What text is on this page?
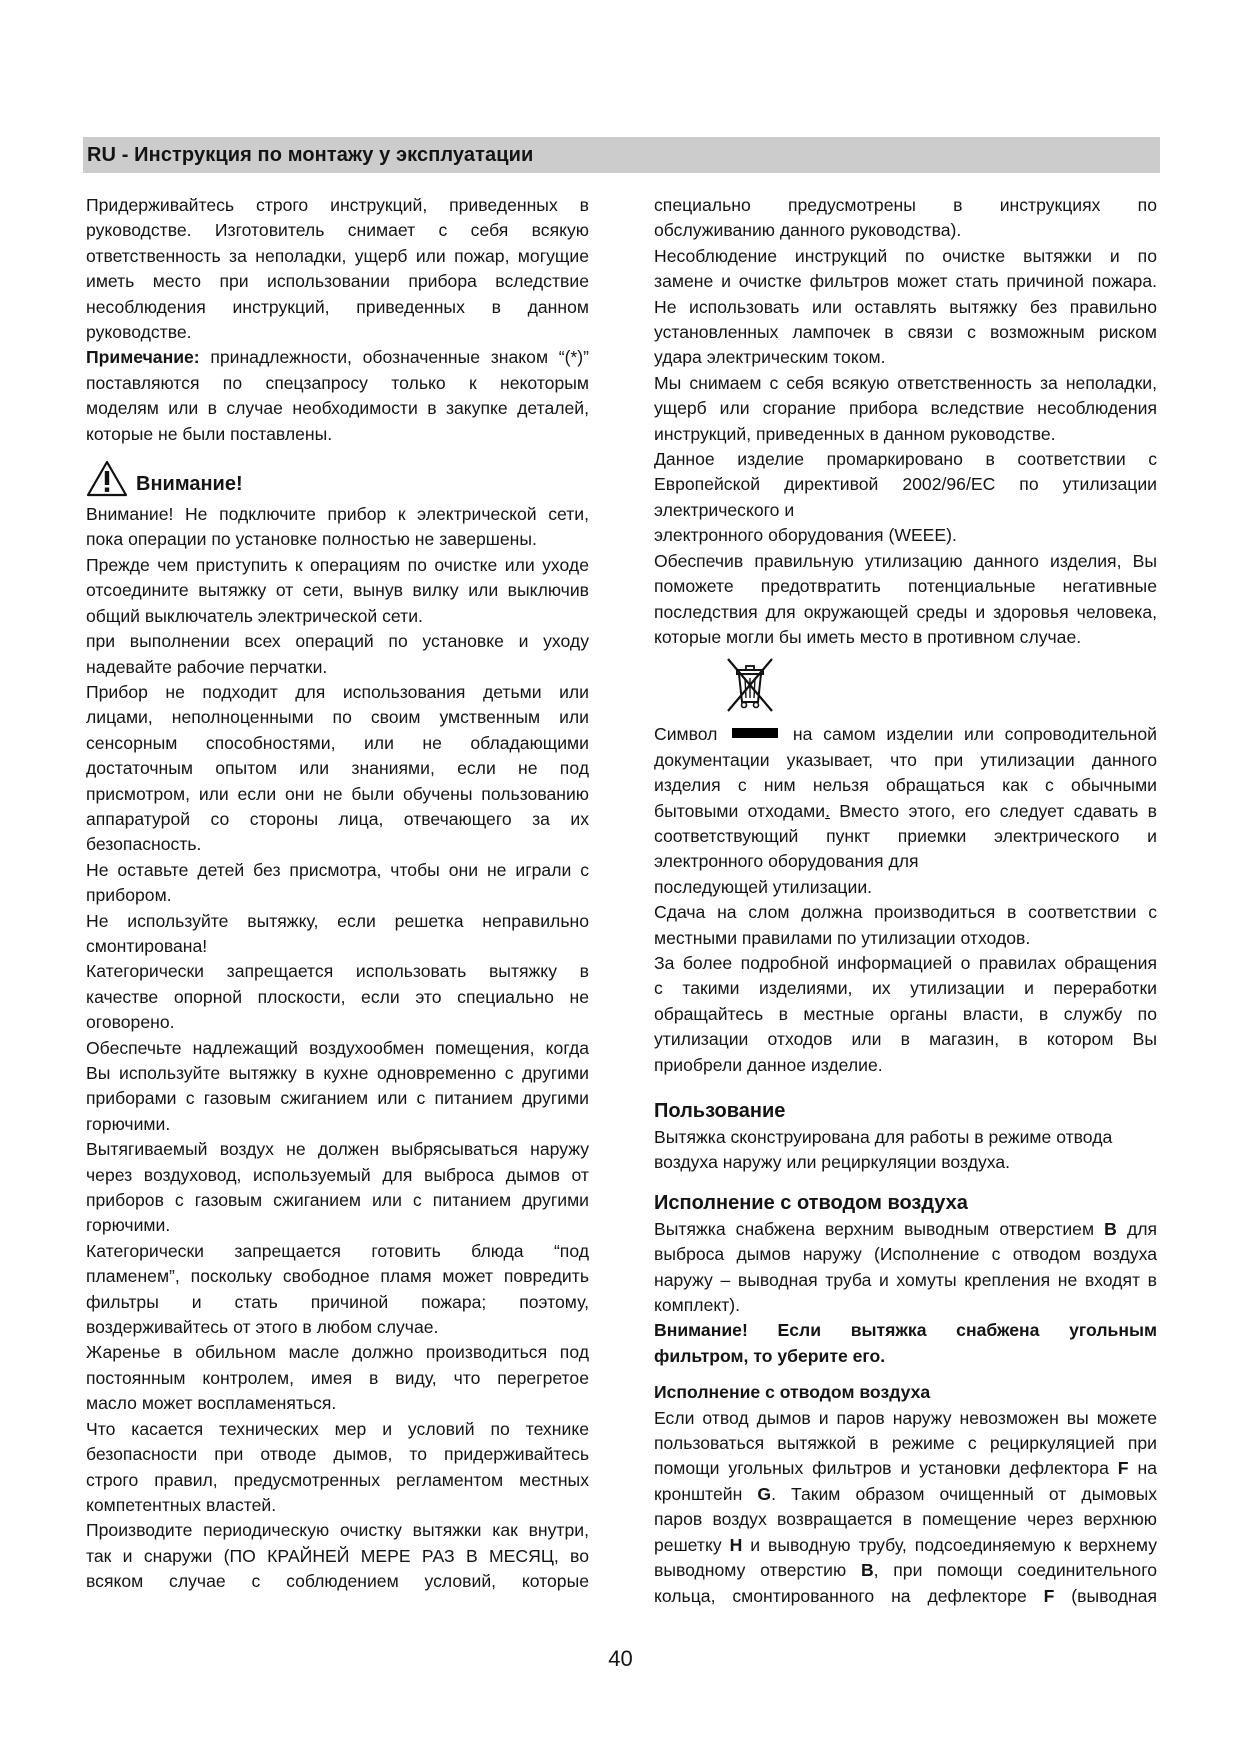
RU - Инструкция по монтажу у эксплуатации
Придерживайтесь строго инструкций, приведенных в
руководстве. Изготовитель снимает с себя всякую
ответственность за неполадки, ущерб или пожар, могущие
иметь место при использовании прибора вследствие
несоблюдения инструкций, приведенных в данном
руководстве.
Примечание: принадлежности, обозначенные знаком “(*)”
поставляются по спецзапросу только к некоторым
моделям или в случае необходимости в закупке деталей,
которые не были поставлены.
Внимание!
Внимание! Не подключите прибор к электрической сети,
пока операции по установке полностью не завершены.
Прежде чем приступить к операциям по очистке или уходе
отсоедините вытяжку от сети, вынув вилку или выключив
общий выключатель электрической сети.
при выполнении всех операций по установке и уходу
надевайте рабочие перчатки.
Прибор не подходит для использования детьми или
лицами, неполноценными по своим умственным или
сенсорным способностями, или не обладающими
достаточным опытом или знаниями, если не под
присмотром, или если они не были обучены пользованию
аппаратурой со стороны лица, отвечающего за их
безопасность.
Не оставьте детей без присмотра, чтобы они не играли с
прибором.
Не используйте вытяжку, если решетка неправильно
смонтирована!
Категорически запрещается использовать вытяжку в
качестве опорной плоскости, если это специально не
оговорено.
Обеспечьте надлежащий воздухообмен помещения, когда
Вы используйте вытяжку в кухне одновременно с другими
приборами с газовым сжиганием или с питанием другими
горючими.
Вытягиваемый воздух не должен выбрясываться наружу
через воздуховод, используемый для выброса дымов от
приборов с газовым сжиганием или с питанием другими
горючими.
Категорически запрещается готовить блюда “под
пламенем”, поскольку свободное пламя может повредить
фильтры и стать причиной пожара; поэтому,
воздерживайтесь от этого в любом случае.
Жаренье в обильном масле должно производиться под
постоянным контролем, имея в виду, что перегретое
масло может воспламеняться.
Что касается технических мер и условий по технике
безопасности при отводе дымов, то придерживайтесь
строго правил, предусмотренных регламентом местных
компетентных властей.
Производите периодическую очистку вытяжки как внутри,
так и снаружи (ПО КРАЙНЕЙ МЕРЕ РАЗ В МЕСЯЦ, во
всяком случае с соблюдением условий, которые
специально предусмотрены в инструкциях по
обслуживанию данного руководства).
Несоблюдение инструкций по очистке вытяжки и по
замене и очистке фильтров может стать причиной пожара.
Не использовать или оставлять вытяжку без правильно
установленных лампочек в связи с возможным риском
удара электрическим током.
Мы снимаем с себя всякую ответственность за неполадки,
ущерб или сгорание прибора вследствие несоблюдения
инструкций, приведенных в данном руководстве.
Данное изделие промаркировано в соответствии с
Европейской директивой 2002/96/ЕС по утилизации
электрического и
электронного оборудования (WEEE).
Обеспечив правильную утилизацию данного изделия, Вы
поможете предотвратить потенциальные негативные
последствия для окружающей среды и здоровья человека,
которые могли бы иметь место в противном случае.
Символ	на самом изделии или сопроводительной
документации указывает, что при утилизации данного
изделия с ним нельзя обращаться как с обычными
бытовыми отходами. Вместо этого, его следует сдавать в
соответствующий пункт приемки электрического и
электронного оборудования для
последующей утилизации.
Сдача на слом должна производиться в соответствии с
местными правилами по утилизации отходов.
За более подробной информацией о правилах обращения
с такими изделиями, их утилизации и переработки
обращайтесь в местные органы власти, в службу по
утилизации отходов или в магазин, в котором Вы
приобрели данное изделие.
Пользование
Вытяжка сконструирована для работы в режиме отвода
воздуха наружу или рециркуляции воздуха.
Исполнение с отводом воздуха
Вытяжка снабжена верхним выводным отверстием B для
выброса дымов наружу (Исполнение с отводом воздуха
наружу – выводная труба и хомуты крепления не входят в
комплект).
Внимание! Если вытяжка снабжена угольным
фильтром, то уберите его.
Исполнение с отводом воздуха
Если отвод дымов и паров наружу невозможен вы можете
пользоваться вытяжкой в режиме с рециркуляцией при
помощи угольных фильтров и установки дефлектора F на
кронштейн G. Таким образом очищенный от дымовых
паров воздух возвращается в помещение через верхнюю
решетку H и выводную трубу, подсоединяемую к верхнему
выводному отверстию B, при помощи соединительного
кольца, смонтированного на дефлекторе F (выводная
40
